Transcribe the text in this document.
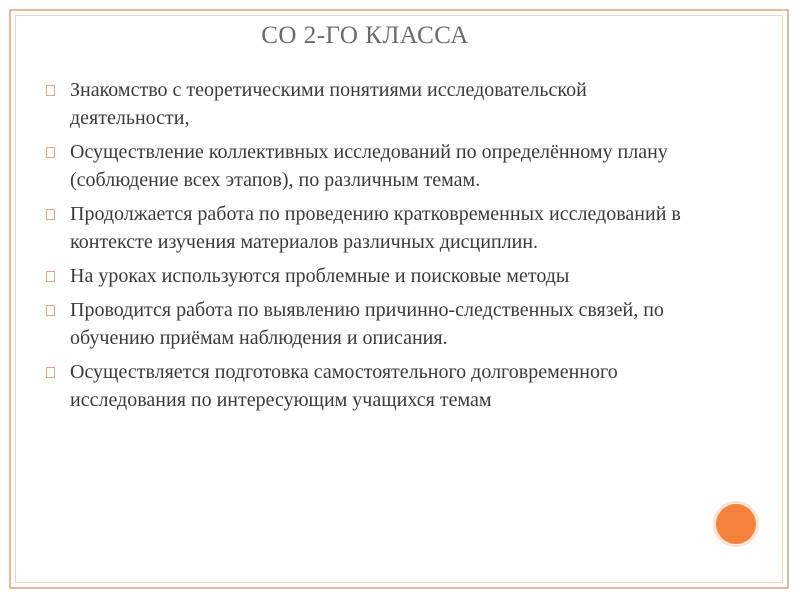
СО 2-ГО КЛАССА
Знакомство с теоретическими понятиями исследовательской деятельности,
Осуществление коллективных исследований по определённому плану (соблюдение всех этапов), по различным темам.
Продолжается работа по проведению кратковременных исследований в контексте изучения материалов различных дисциплин.
На уроках используются проблемные и поисковые методы
Проводится работа по выявлению причинно-следственных связей, по обучению приёмам наблюдения и описания.
Осуществляется подготовка самостоятельного долговременного исследования по интересующим учащихся темам
